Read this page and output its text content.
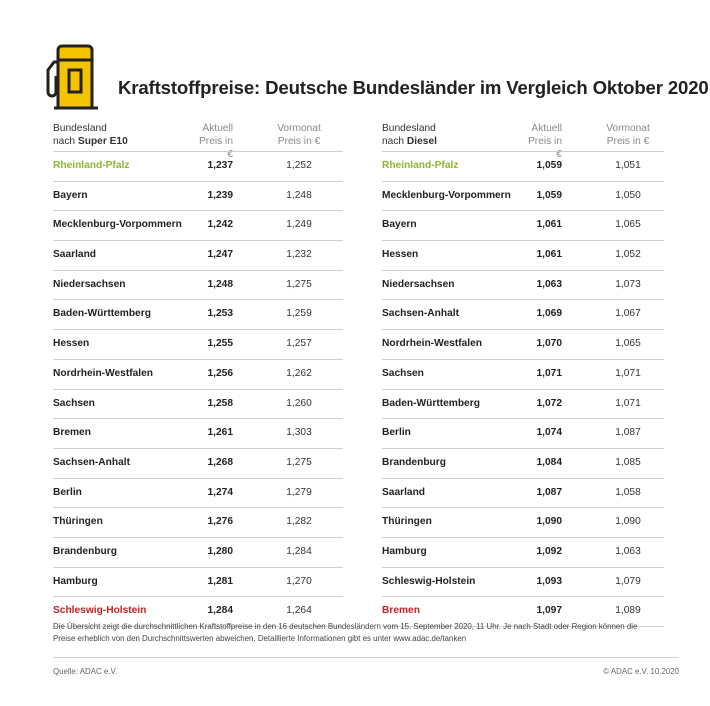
Kraftstoffpreise: Deutsche Bundesländer im Vergleich Oktober 2020
Bundesland
nach Super E10
Aktuell
Preis in €
Vormonat
Preis in €
Rheinland-Pfalz	1,237	1,252
Bayern	1,239	1,248
Mecklenburg-Vorpommern	1,242	1,249
Saarland	1,247	1,232
Niedersachsen	1,248	1,275
Baden-Württemberg	1,253	1,259
Hessen	1,255	1,257
Nordrhein-Westfalen	1,256	1,262
Sachsen	1,258	1,260
Bremen	1,261	1,303
Sachsen-Anhalt	1,268	1,275
Berlin	1,274	1,279
Thüringen	1,276	1,282
Brandenburg	1,280	1,284
Hamburg	1,281	1,270
Schleswig-Holstein	1,284	1,264
Bundesland
nach Diesel
Aktuell
Preis in €
Vormonat
Preis in €
Rheinland-Pfalz	1,059	1,051
Mecklenburg-Vorpommern	1,059	1,050
Bayern	1,061	1,065
Hessen	1,061	1,052
Niedersachsen	1,063	1,073
Sachsen-Anhalt	1,069	1,067
Nordrhein-Westfalen	1,070	1,065
Sachsen	1,071	1,071
Baden-Württemberg	1,072	1,071
Berlin	1,074	1,087
Brandenburg	1,084	1,085
Saarland	1,087	1,058
Thüringen	1,090	1,090
Hamburg	1,092	1,063
Schleswig-Holstein	1,093	1,079
Bremen	1,097	1,089
Die Übersicht zeigt die durchschnittlichen Kraftstoffpreise in den 16 deutschen Bundesländern vom 15. September 2020, 11 Uhr. Je nach Stadt oder Region können die
Preise erheblich von den Durchschnittswerten abweichen. Detaillierte Informationen gibt es unter www.adac.de/tanken
Quelle: ADAC e.V.	© ADAC e.V. 10.2020
